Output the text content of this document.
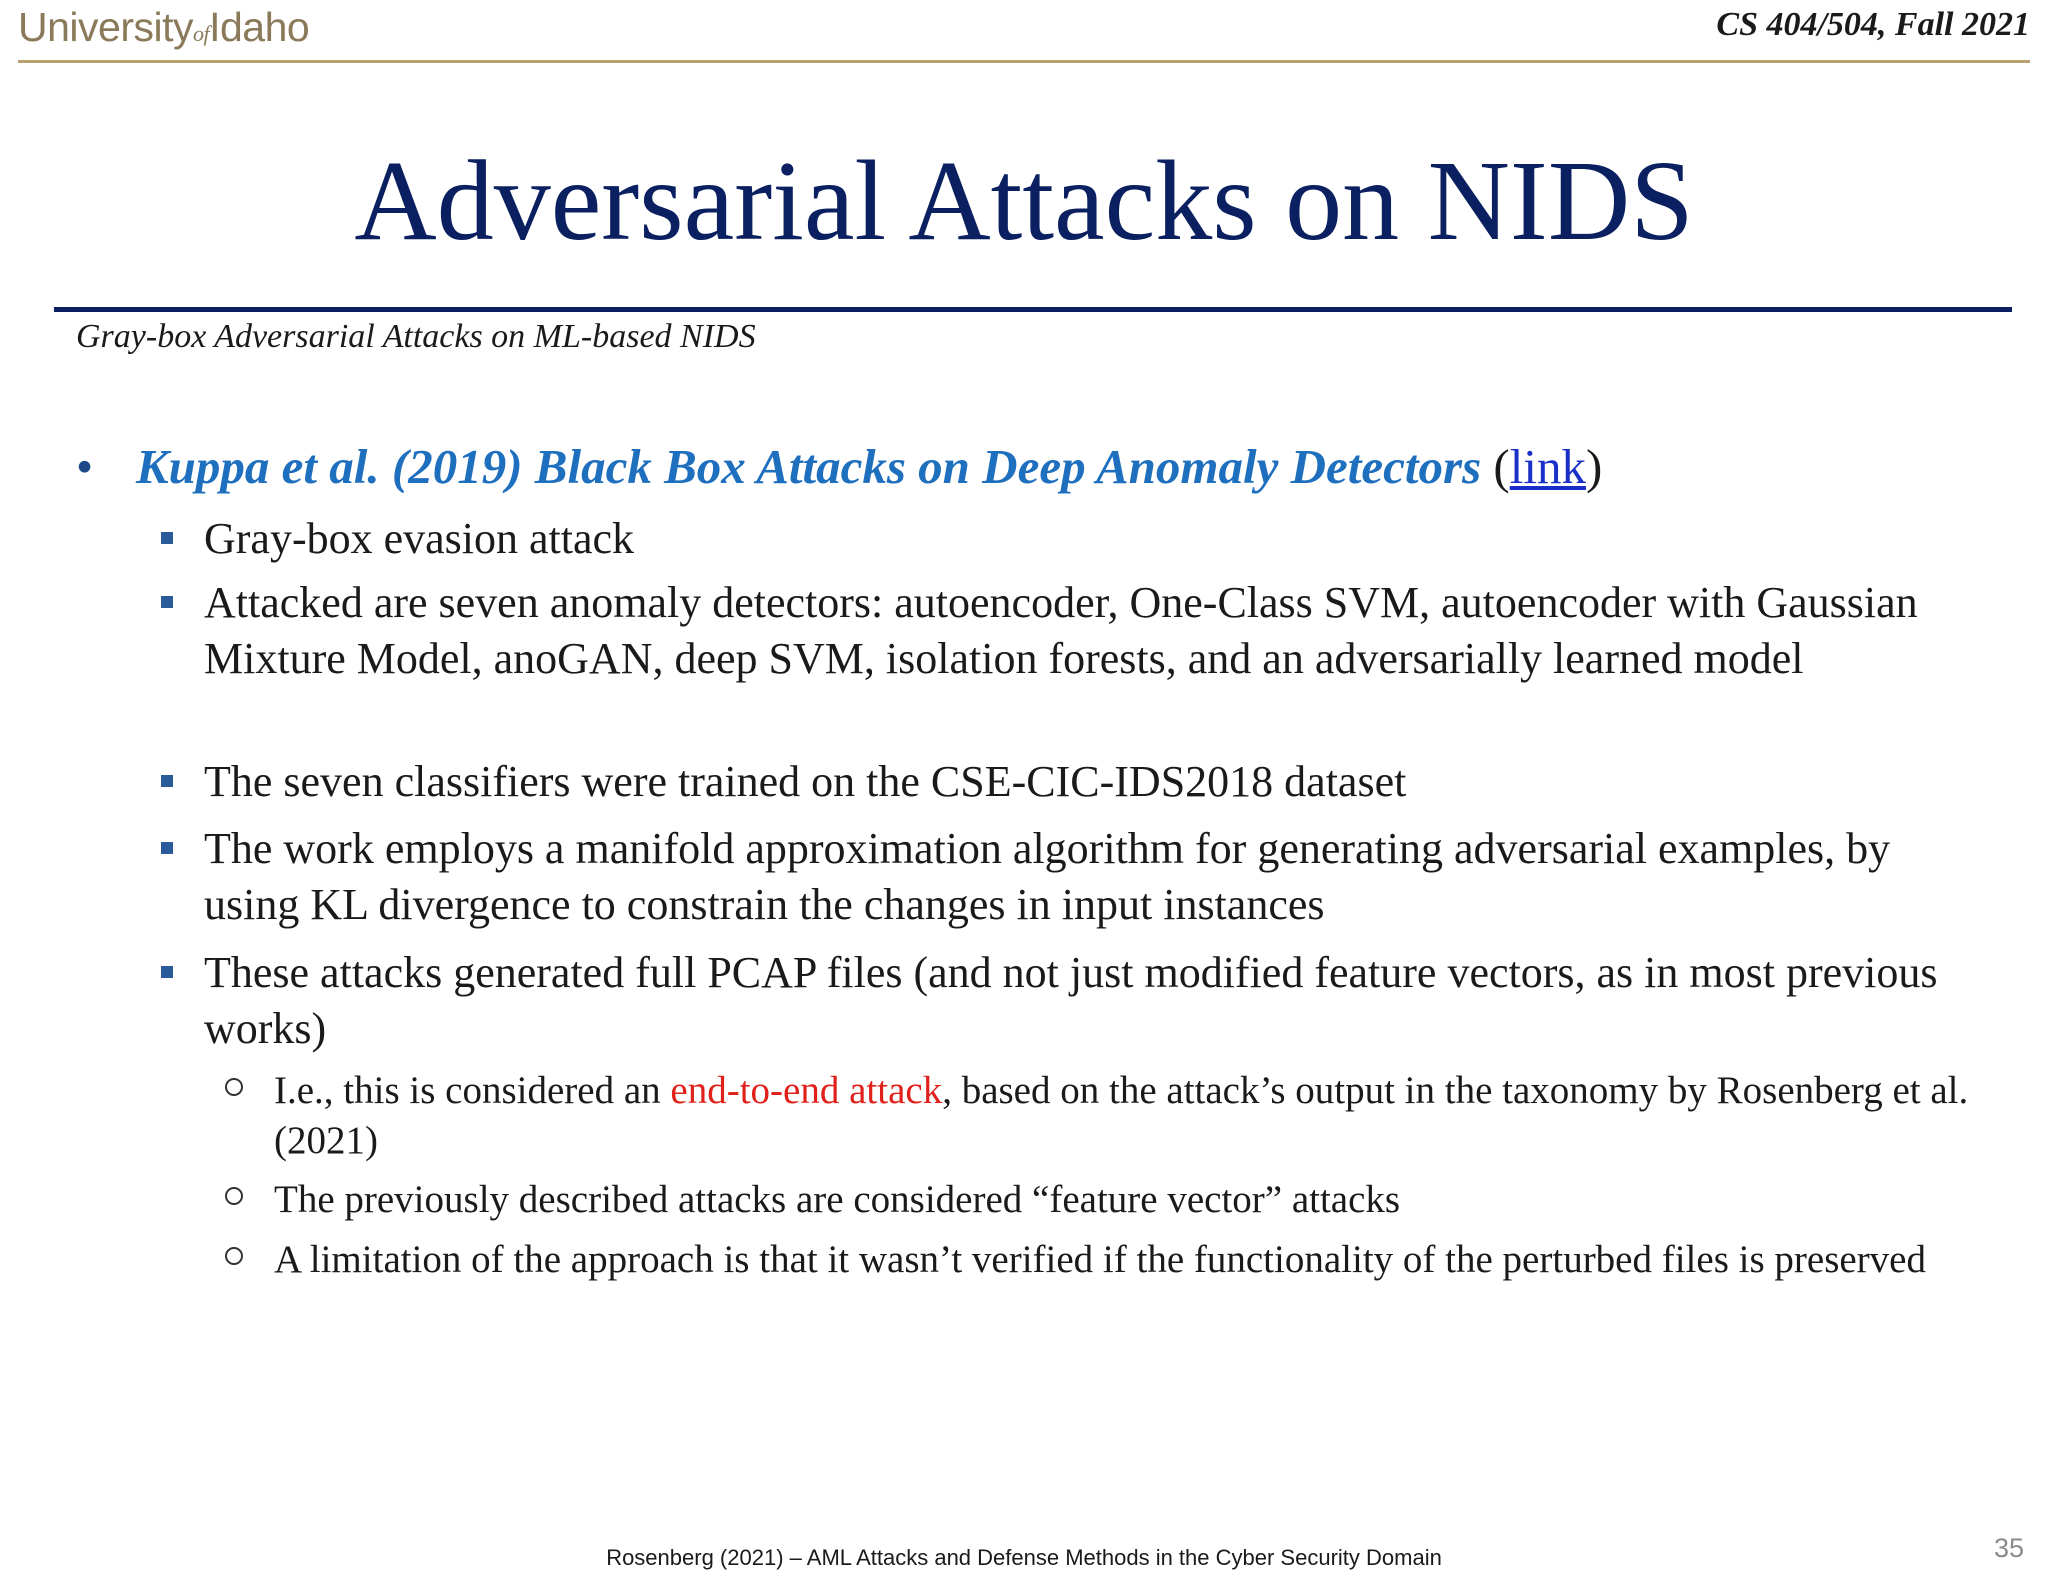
UniversityofIdaho	CS 404/504, Fall 2021
Adversarial Attacks on NIDS
Gray-box Adversarial Attacks on ML-based NIDS
• Kuppa et al. (2019) Black Box Attacks on Deep Anomaly Detectors (link)
Gray-box evasion attack
Attacked are seven anomaly detectors: autoencoder, One-Class SVM, autoencoder with Gaussian Mixture Model, anoGAN, deep SVM, isolation forests, and an adversarially learned model
The seven classifiers were trained on the CSE-CIC-IDS2018 dataset
The work employs a manifold approximation algorithm for generating adversarial examples, by using KL divergence to constrain the changes in input instances
These attacks generated full PCAP files (and not just modified feature vectors, as in most previous works)
I.e., this is considered an end-to-end attack, based on the attack’s output in the taxonomy by Rosenberg et al. (2021)
The previously described attacks are considered “feature vector” attacks
A limitation of the approach is that it wasn’t verified if the functionality of the perturbed files is preserved
Rosenberg (2021) – AML Attacks and Defense Methods in the Cyber Security Domain	35
